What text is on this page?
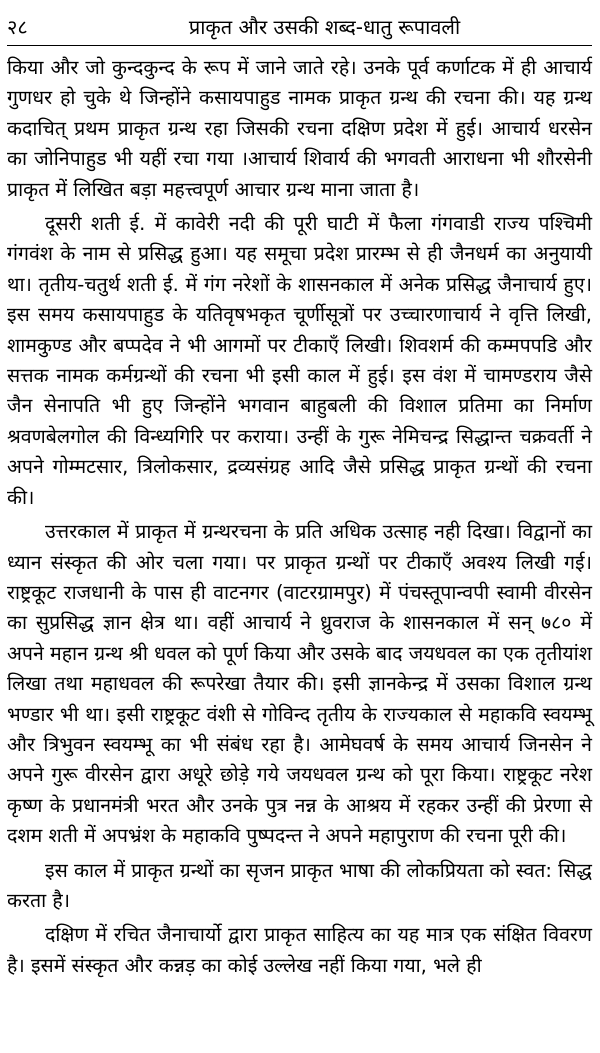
२८	प्राकृत और उसकी शब्द-धातु रूपावली

किया और जो कुन्दकुन्द के रूप में जाने जाते रहे। उनके पूर्व कर्णाटक में ही आचार्य गुणधर हो चुके थे जिन्होंने कसायपाहुड नामक प्राकृत ग्रन्थ की रचना की। यह ग्रन्थ कदाचित् प्रथम प्राकृत ग्रन्थ रहा जिसकी रचना दक्षिण प्रदेश में हुई। आचार्य धरसेन का जोनिपाहुड भी यहीं रचा गया ।आचार्य शिवार्य की भगवती आराधना भी शौरसेनी प्राकृत में लिखित बड़ा महत्त्वपूर्ण आचार ग्रन्थ माना जाता है।

दूसरी शती ई. में कावेरी नदी की पूरी घाटी में फैला गंगवाडी राज्य पश्चिमी गंगवंश के नाम से प्रसिद्ध हुआ। यह समूचा प्रदेश प्रारम्भ से ही जैनधर्म का अनुयायी था। तृतीय-चतुर्थ शती ई. में गंग नरेशों के शासनकाल में अनेक प्रसिद्ध जैनाचार्य हुए। इस समय कसायपाहुड के यतिवृषभकृत चूर्णीसूत्रों पर उच्चारणाचार्य ने वृत्ति लिखी, शामकुण्ड और बप्पदेव ने भी आगमों पर टीकाएँ लिखी। शिवशर्म की कम्मपपडि और सत्तक नामक कर्मग्रन्थों की रचना भी इसी काल में हुई। इस वंश में चामण्डराय जैसे जैन सेनापति भी हुए जिन्होंने भगवान बाहुबली की विशाल प्रतिमा का निर्माण श्रवणबेलगोल की विन्ध्यगिरि पर कराया। उन्हीं के गुरू नेमिचन्द्र सिद्धान्त चक्रवर्ती ने अपने गोम्मटसार, त्रिलोकसार, द्रव्यसंग्रह आदि जैसे प्रसिद्ध प्राकृत ग्रन्थों की रचना की।

उत्तरकाल में प्राकृत में ग्रन्थरचना के प्रति अधिक उत्साह नही दिखा। विद्वानों का ध्यान संस्कृत की ओर चला गया। पर प्राकृत ग्रन्थों पर टीकाएँ अवश्य लिखी गई। राष्ट्रकूट राजधानी के पास ही वाटनगर (वाटरग्रामपुर) में पंचस्तूपान्वपी स्वामी वीरसेन का सुप्रसिद्ध ज्ञान क्षेत्र था। वहीं आचार्य ने ध्रुवराज के शासनकाल में सन् ७८० में अपने महान ग्रन्थ श्री धवल को पूर्ण किया और उसके बाद जयधवल का एक तृतीयांश लिखा तथा महाधवल की रूपरेखा तैयार की। इसी ज्ञानकेन्द्र में उसका विशाल ग्रन्थ भण्डार भी था। इसी राष्ट्रकूट वंशी से गोविन्द तृतीय के राज्यकाल से महाकवि स्वयम्भू और त्रिभुवन स्वयम्भू का भी संबंध रहा है। आमेघवर्ष के समय आचार्य जिनसेन ने अपने गुरू वीरसेन द्वारा अधूरे छोड़े गये जयधवल ग्रन्थ को पूरा किया। राष्ट्रकूट नरेश कृष्ण के प्रधानमंत्री भरत और उनके पुत्र नन्न के आश्रय में रहकर उन्हीं की प्रेरणा से दशम शती में अपभ्रंश के महाकवि पुष्पदन्त ने अपने महापुराण की रचना पूरी की।

इस काल में प्राकृत ग्रन्थों का सृजन प्राकृत भाषा की लोकप्रियता को स्वत: सिद्ध करता है।

दक्षिण में रचित जैनाचार्यो द्वारा प्राकृत साहित्य का यह मात्र एक संक्षित विवरण है। इसमें संस्कृत और कन्नड़ का कोई उल्लेख नहीं किया गया, भले ही
